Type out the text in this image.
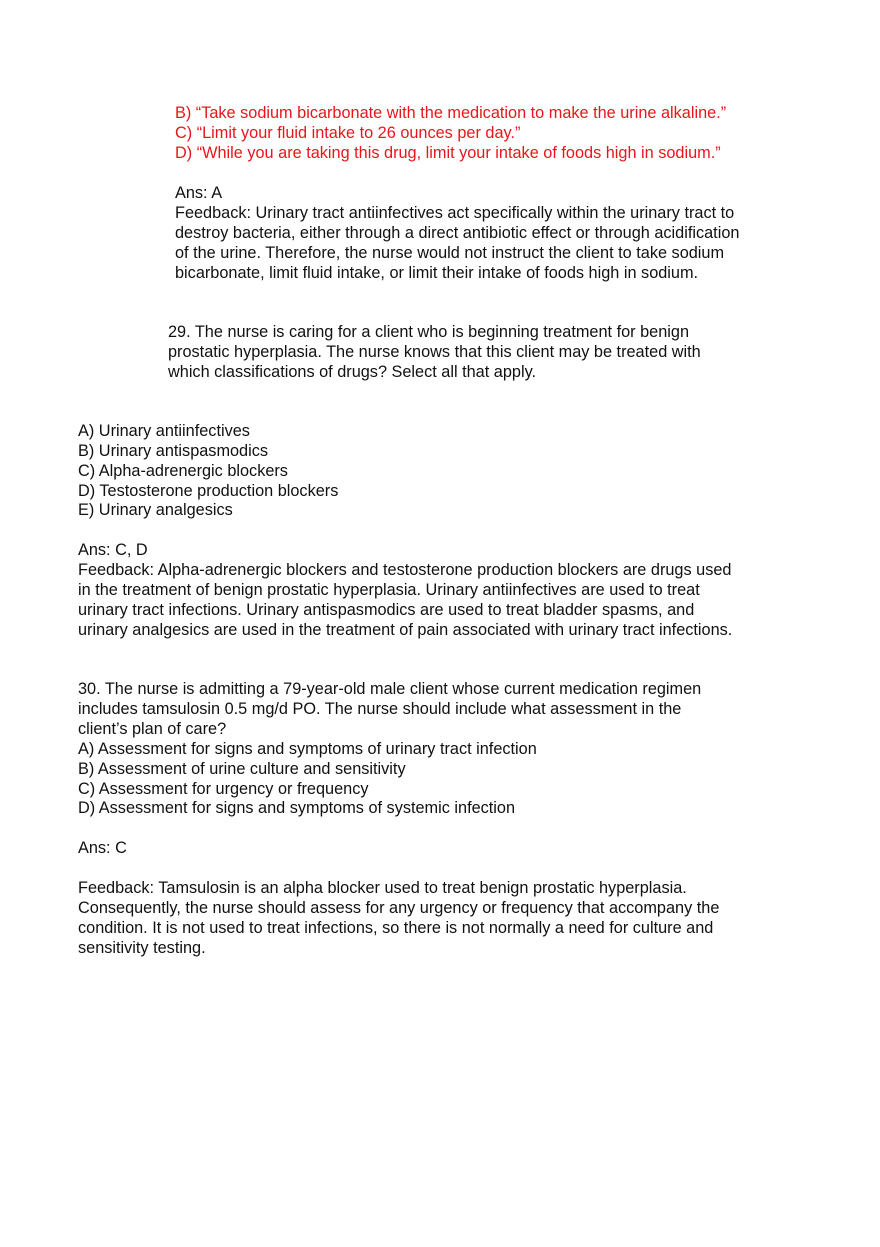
B) “Take sodium bicarbonate with the medication to make the urine alkaline.”
C) “Limit your fluid intake to 26 ounces per day.”
D) “While you are taking this drug, limit your intake of foods high in sodium.”
Ans: A
Feedback: Urinary tract antiinfectives act specifically within the urinary tract to
destroy bacteria, either through a direct antibiotic effect or through acidification
of the urine. Therefore, the nurse would not instruct the client to take sodium
bicarbonate, limit fluid intake, or limit their intake of foods high in sodium.
29. The nurse is caring for a client who is beginning treatment for benign
prostatic hyperplasia. The nurse knows that this client may be treated with
which classifications of drugs? Select all that apply.
A) Urinary antiinfectives
B) Urinary antispasmodics
C) Alpha-adrenergic blockers
D) Testosterone production blockers
E) Urinary analgesics
Ans: C, D
Feedback: Alpha-adrenergic blockers and testosterone production blockers are drugs used
in the treatment of benign prostatic hyperplasia. Urinary antiinfectives are used to treat
urinary tract infections. Urinary antispasmodics are used to treat bladder spasms, and
urinary analgesics are used in the treatment of pain associated with urinary tract infections.
30. The nurse is admitting a 79-year-old male client whose current medication regimen
includes tamsulosin 0.5 mg/d PO. The nurse should include what assessment in the
client’s plan of care?
A) Assessment for signs and symptoms of urinary tract infection
B) Assessment of urine culture and sensitivity
C) Assessment for urgency or frequency
D) Assessment for signs and symptoms of systemic infection
Ans: C
Feedback: Tamsulosin is an alpha blocker used to treat benign prostatic hyperplasia.
Consequently, the nurse should assess for any urgency or frequency that accompany the
condition. It is not used to treat infections, so there is not normally a need for culture and
sensitivity testing.
